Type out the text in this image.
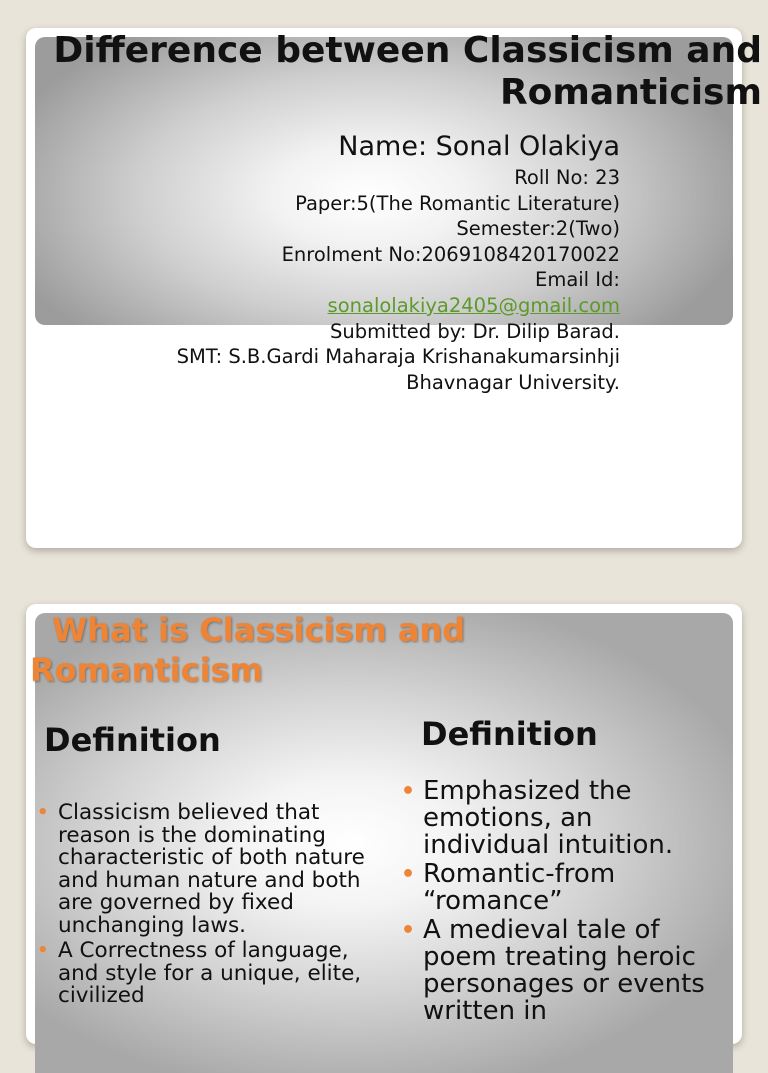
Difference between Classicism and
Romanticism
Name: Sonal Olakiya
Roll No: 23
Paper:5(The Romantic Literature)
Semester:2(Two)
Enrolment No:2069108420170022
Email Id:
sonalolakiya2405@gmail.com
Submitted by: Dr. Dilip Barad.
SMT: S.B.Gardi Maharaja Krishanakumarsinhji
Bhavnagar University.
What is Classicism and
Romanticism
Definition
• Classicism believed that reason is the dominating characteristic of both nature and human nature and both are governed by fixed unchanging laws.
• A Correctness of language, and style for a unique, elite, civilized
Definition
• Emphasized the emotions, an individual intuition.
• Romantic-from “romance”
• A medieval tale of poem treating heroic personages or events written in
